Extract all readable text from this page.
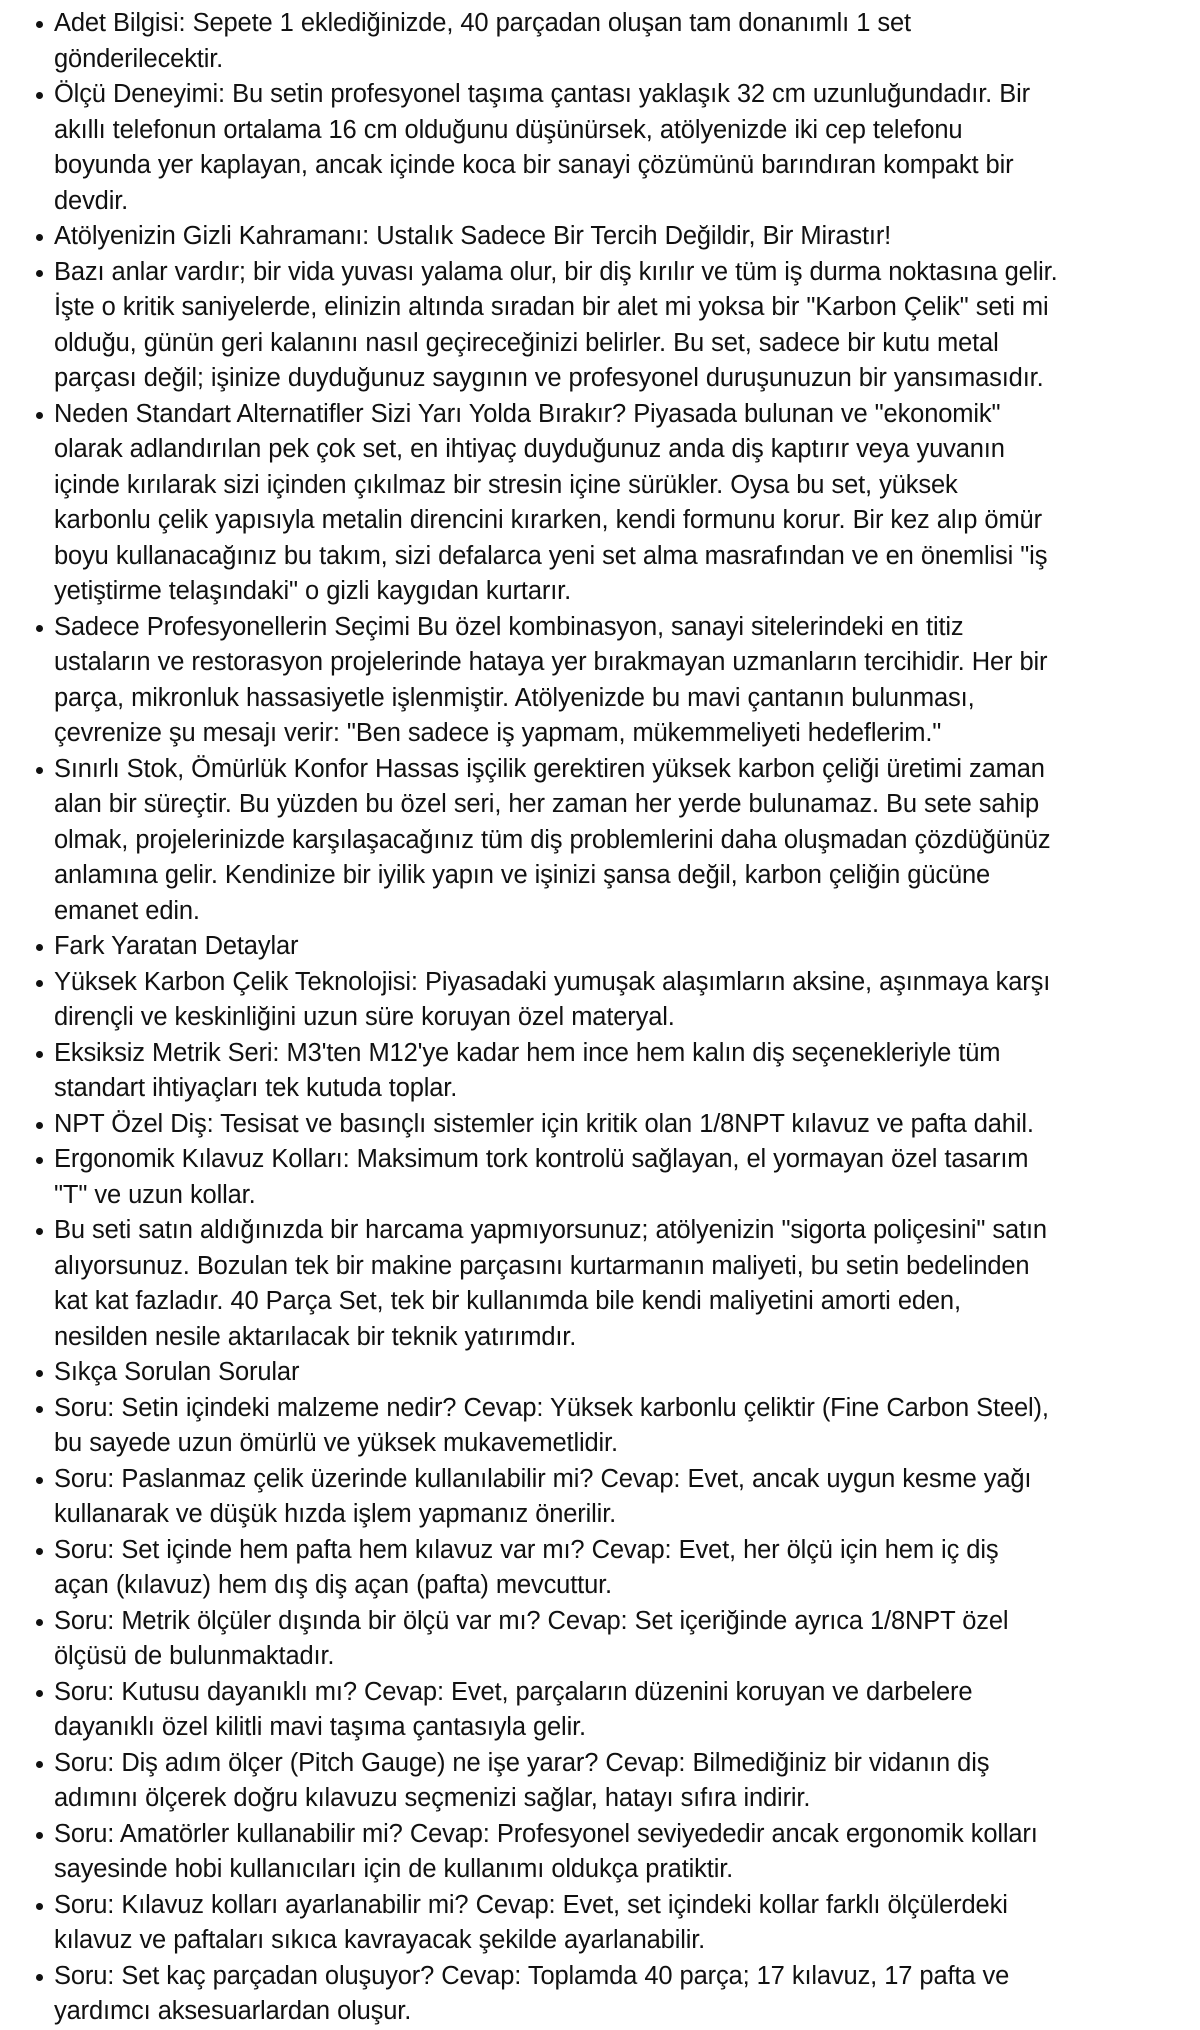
Adet Bilgisi: Sepete 1 eklediğinizde, 40 parçadan oluşan tam donanımlı 1 set gönderilecektir.
Ölçü Deneyimi: Bu setin profesyonel taşıma çantası yaklaşık 32 cm uzunluğundadır. Bir akıllı telefonun ortalama 16 cm olduğunu düşünürsek, atölyenizde iki cep telefonu boyunda yer kaplayan, ancak içinde koca bir sanayi çözümünü barındıran kompakt bir devdir.
Atölyenizin Gizli Kahramanı: Ustalık Sadece Bir Tercih Değildir, Bir Mirastır!
Bazı anlar vardır; bir vida yuvası yalama olur, bir diş kırılır ve tüm iş durma noktasına gelir. İşte o kritik saniyelerde, elinizin altında sıradan bir alet mi yoksa bir "Karbon Çelik" seti mi olduğu, günün geri kalanını nasıl geçireceğinizi belirler. Bu set, sadece bir kutu metal parçası değil; işinize duyduğunuz saygının ve profesyonel duruşunuzun bir yansımasıdır.
Neden Standart Alternatifler Sizi Yarı Yolda Bırakır? Piyasada bulunan ve "ekonomik" olarak adlandırılan pek çok set, en ihtiyaç duyduğunuz anda diş kaptırır veya yuvanın içinde kırılarak sizi içinden çıkılmaz bir stresin içine sürükler. Oysa bu set, yüksek karbonlu çelik yapısıyla metalin direncini kırarken, kendi formunu korur. Bir kez alıp ömür boyu kullanacağınız bu takım, sizi defalarca yeni set alma masrafından ve en önemlisi "iş yetiştirme telaşındaki" o gizli kaygıdan kurtarır.
Sadece Profesyonellerin Seçimi Bu özel kombinasyon, sanayi sitelerindeki en titiz ustaların ve restorasyon projelerinde hataya yer bırakmayan uzmanların tercihidir. Her bir parça, mikronluk hassasiyetle işlenmiştir. Atölyenizde bu mavi çantanın bulunması, çevrenize şu mesajı verir: "Ben sadece iş yapmam, mükemmeliyeti hedeflerim."
Sınırlı Stok, Ömürlük Konfor Hassas işçilik gerektiren yüksek karbon çeliği üretimi zaman alan bir süreçtir. Bu yüzden bu özel seri, her zaman her yerde bulunamaz. Bu sete sahip olmak, projelerinizde karşılaşacağınız tüm diş problemlerini daha oluşmadan çözdüğünüz anlamına gelir. Kendinize bir iyilik yapın ve işinizi şansa değil, karbon çeliğin gücüne emanet edin.
Fark Yaratan Detaylar
Yüksek Karbon Çelik Teknolojisi: Piyasadaki yumuşak alaşımların aksine, aşınmaya karşı dirençli ve keskinliğini uzun süre koruyan özel materyal.
Eksiksiz Metrik Seri: M3'ten M12'ye kadar hem ince hem kalın diş seçenekleriyle tüm standart ihtiyaçları tek kutuda toplar.
NPT Özel Diş: Tesisat ve basınçlı sistemler için kritik olan 1/8NPT kılavuz ve pafta dahil.
Ergonomik Kılavuz Kolları: Maksimum tork kontrolü sağlayan, el yormayan özel tasarım "T" ve uzun kollar.
Bu seti satın aldığınızda bir harcama yapmıyorsunuz; atölyenizin "sigorta poliçesini" satın alıyorsunuz. Bozulan tek bir makine parçasını kurtarmanın maliyeti, bu setin bedelinden kat kat fazladır. 40 Parça Set, tek bir kullanımda bile kendi maliyetini amorti eden, nesilden nesile aktarılacak bir teknik yatırımdır.
Sıkça Sorulan Sorular
Soru: Setin içindeki malzeme nedir? Cevap: Yüksek karbonlu çeliktir (Fine Carbon Steel), bu sayede uzun ömürlü ve yüksek mukavemetlidir.
Soru: Paslanmaz çelik üzerinde kullanılabilir mi? Cevap: Evet, ancak uygun kesme yağı kullanarak ve düşük hızda işlem yapmanız önerilir.
Soru: Set içinde hem pafta hem kılavuz var mı? Cevap: Evet, her ölçü için hem iç diş açan (kılavuz) hem dış diş açan (pafta) mevcuttur.
Soru: Metrik ölçüler dışında bir ölçü var mı? Cevap: Set içeriğinde ayrıca 1/8NPT özel ölçüsü de bulunmaktadır.
Soru: Kutusu dayanıklı mı? Cevap: Evet, parçaların düzenini koruyan ve darbelere dayanıklı özel kilitli mavi taşıma çantasıyla gelir.
Soru: Diş adım ölçer (Pitch Gauge) ne işe yarar? Cevap: Bilmediğiniz bir vidanın diş adımını ölçerek doğru kılavuzu seçmenizi sağlar, hatayı sıfıra indirir.
Soru: Amatörler kullanabilir mi? Cevap: Profesyonel seviyededir ancak ergonomik kolları sayesinde hobi kullanıcıları için de kullanımı oldukça pratiktir.
Soru: Kılavuz kolları ayarlanabilir mi? Cevap: Evet, set içindeki kollar farklı ölçülerdeki kılavuz ve paftaları sıkıca kavrayacak şekilde ayarlanabilir.
Soru: Set kaç parçadan oluşuyor? Cevap: Toplamda 40 parça; 17 kılavuz, 17 pafta ve yardımcı aksesuarlardan oluşur.
